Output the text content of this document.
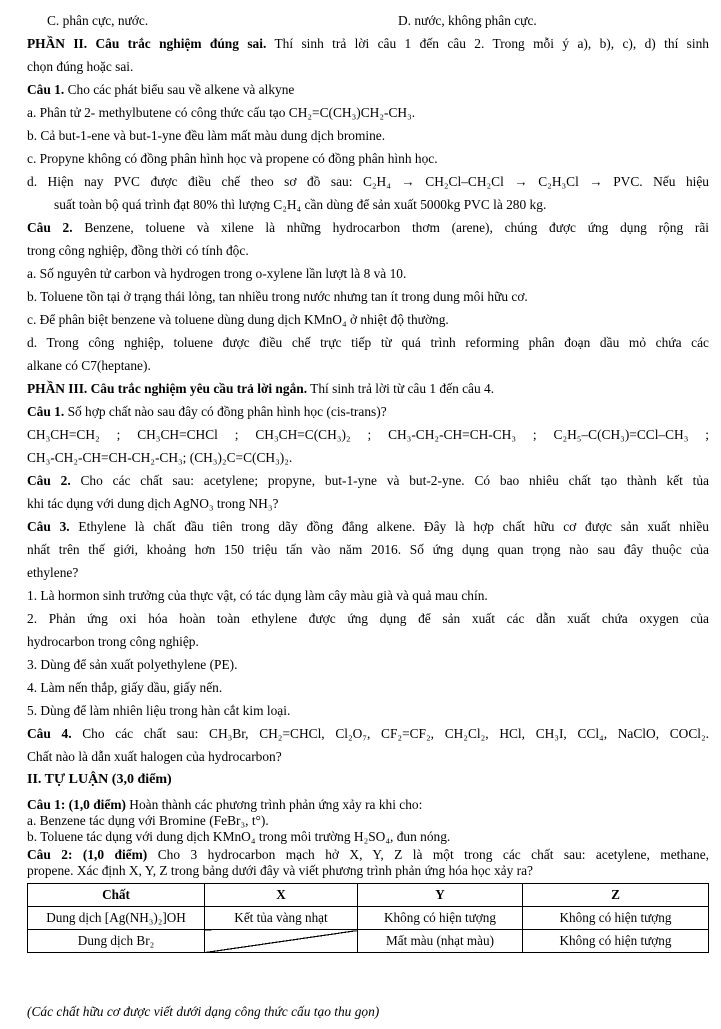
C. phân cực, nước.	D. nước, không phân cực.
PHẦN II. Câu trắc nghiệm đúng sai. Thí sinh trả lời câu 1 đến câu 2. Trong mỗi ý a), b), c), d) thí sinh
chọn đúng hoặc sai.
Câu 1. Cho các phát biểu sau về alkene và alkyne
a. Phân tử 2- methylbutene có công thức cấu tạo CH₂=C(CH₃)CH₂-CH₃.
b. Cả but-1-ene và but-1-yne đều làm mất màu dung dịch bromine.
c. Propyne không có đồng phân hình học và propene có đồng phân hình học.
d. Hiện nay PVC được điều chế theo sơ đồ sau: C₂H₄ → CH₂Cl–CH₂Cl → C₂H₃Cl → PVC. Nếu hiệu
suất toàn bộ quá trình đạt 80% thì lượng C₂H₄ cần dùng để sản xuất 5000kg PVC là 280 kg.
Câu 2. Benzene, toluene và xilene là những hydrocarbon thơm (arene), chúng được ứng dụng rộng rãi
trong công nghiệp, đồng thời có tính độc.
a. Số nguyên tử carbon và hydrogen trong o-xylene lần lượt là 8 và 10.
b. Toluene tồn tại ở trạng thái lỏng, tan nhiều trong nước nhưng tan ít trong dung môi hữu cơ.
c. Để phân biệt benzene và toluene dùng dung dịch KMnO₄ ở nhiệt độ thường.
d. Trong công nghiệp, toluene được điều chế trực tiếp từ quá trình reforming phân đoạn dầu mỏ chứa các
alkane có C7(heptane).
PHẦN III. Câu trắc nghiệm yêu cầu trả lời ngắn. Thí sinh trả lời từ câu 1 đến câu 4.
Câu 1. Số hợp chất nào sau đây có đồng phân hình học (cis-trans)?
CH₃CH=CH₂ ; CH₃CH=CHCl ; CH₃CH=C(CH₃)₂ ; CH₃-CH₂-CH=CH-CH₃ ; C₂H₅–C(CH₃)=CCl–CH₃ ;
CH₃-CH₂-CH=CH-CH₂-CH₃; (CH₃)₂C=C(CH₃)₂.
Câu 2. Cho các chất sau: acetylene; propyne, but-1-yne và but-2-yne. Có bao nhiêu chất tạo thành kết tủa
khi tác dụng với dung dịch AgNO₃ trong NH₃?
Câu 3. Ethylene là chất đầu tiên trong dãy đồng đẳng alkene. Đây là hợp chất hữu cơ được sản xuất nhiều
nhất trên thế giới, khoảng hơn 150 triệu tấn vào năm 2016. Số ứng dụng quan trọng nào sau đây thuộc của
ethylene?
1. Là hormon sinh trưởng của thực vật, có tác dụng làm cây màu già và quả mau chín.
2. Phản ứng oxi hóa hoàn toàn ethylene được ứng dụng để sản xuất các dẫn xuất chứa oxygen của
hydrocarbon trong công nghiệp.
3. Dùng để sản xuất polyethylene (PE).
4. Làm nến thắp, giấy dầu, giấy nến.
5. Dùng để làm nhiên liệu trong hàn cắt kim loại.
Câu 4. Cho các chất sau: CH₃Br, CH₂=CHCl, Cl₂O₇, CF₂=CF₂, CH₂Cl₂, HCl, CH₃I, CCl₄, NaClO, COCl₂.
Chất nào là dẫn xuất halogen của hydrocarbon?
II. TỰ LUẬN (3,0 điểm)
Câu 1: (1,0 điểm) Hoàn thành các phương trình phản ứng xảy ra khi cho:
a. Benzene tác dụng với Bromine (FeBr₃, t°).
b. Toluene tác dụng với dung dịch KMnO₄ trong môi trường H₂SO₄, đun nóng.
Câu 2: (1,0 điểm) Cho 3 hydrocarbon mạch hở X, Y, Z là một trong các chất sau: acetylene, methane,
propene. Xác định X, Y, Z trong bảng dưới đây và viết phương trình phản ứng hóa học xảy ra?
Chất	X	Y	Z
Dung dịch [Ag(NH₃)₂]OH	Kết tủa vàng nhạt	Không có hiện tượng	Không có hiện tượng
Dung dịch Br₂		Mất màu (nhạt màu)	Không có hiện tượng
(Các chất hữu cơ được viết dưới dạng công thức cấu tạo thu gọn)
